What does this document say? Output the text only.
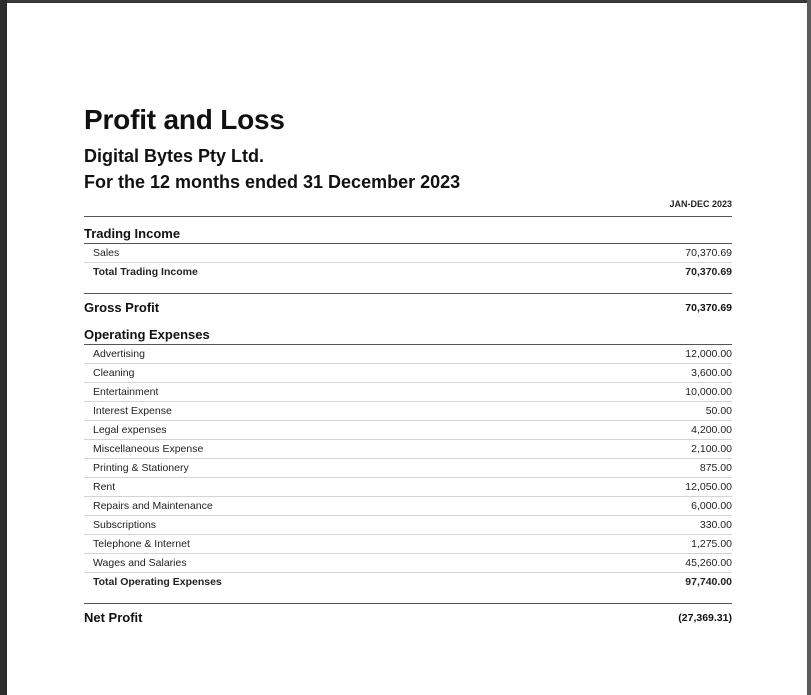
Profit and Loss
Digital Bytes Pty Ltd.
For the 12 months ended 31 December 2023
JAN-DEC 2023
Trading Income
Sales	70,370.69
Total Trading Income	70,370.69
Gross Profit	70,370.69
Operating Expenses
Advertising	12,000.00
Cleaning	3,600.00
Entertainment	10,000.00
Interest Expense	50.00
Legal expenses	4,200.00
Miscellaneous Expense	2,100.00
Printing & Stationery	875.00
Rent	12,050.00
Repairs and Maintenance	6,000.00
Subscriptions	330.00
Telephone & Internet	1,275.00
Wages and Salaries	45,260.00
Total Operating Expenses	97,740.00
Net Profit	(27,369.31)
